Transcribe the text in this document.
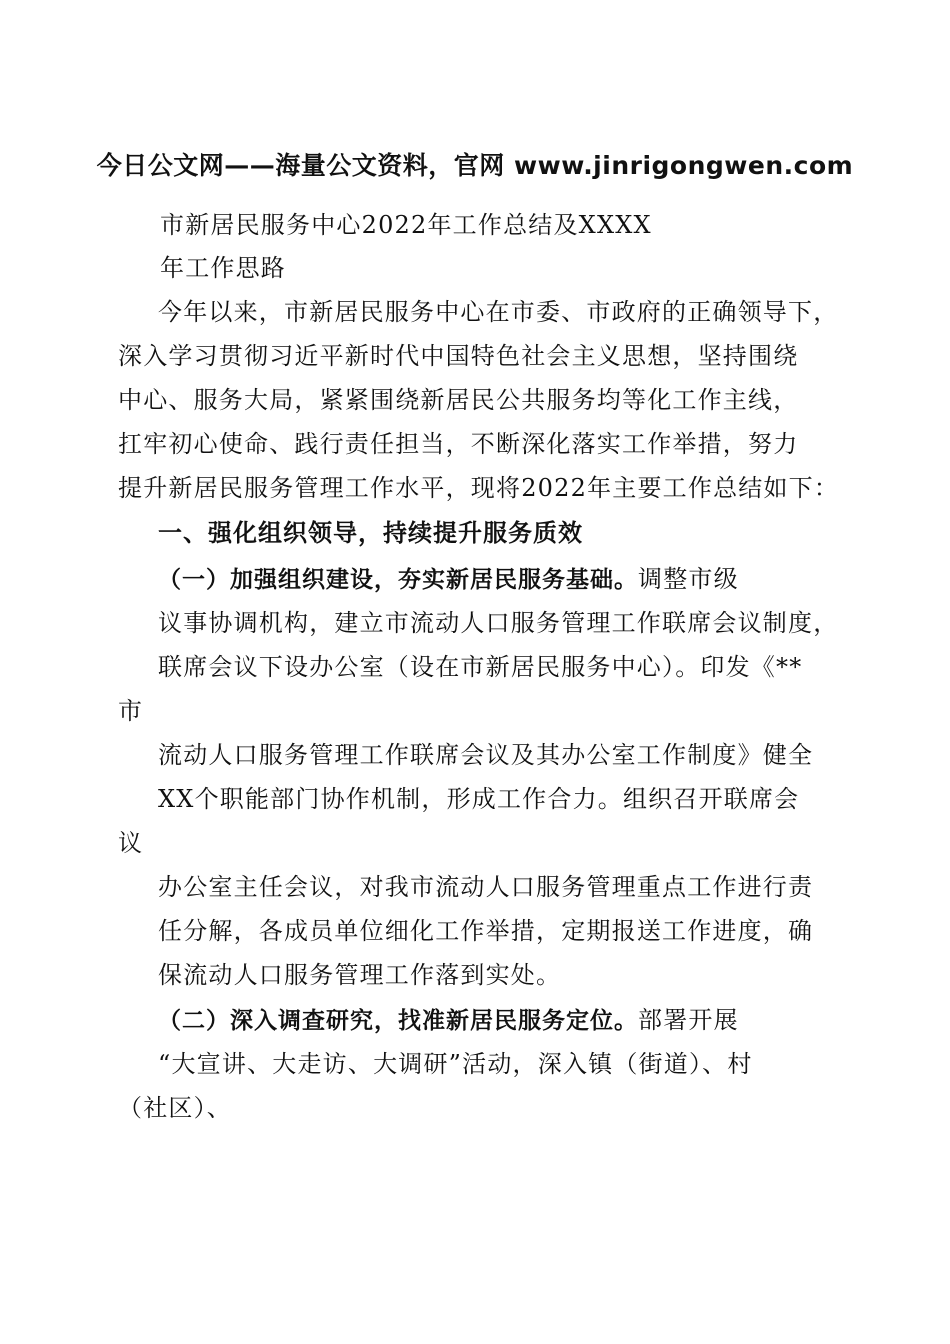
今日公文网——海量公文资料，官网 www.jinrigongwen.com
市新居民服务中心2022年工作总结及XXXX
年工作思路
今年以来，市新居民服务中心在市委、市政府的正确领导下，
深入学习贯彻习近平新时代中国特色社会主义思想，坚持围绕
中心、服务大局，紧紧围绕新居民公共服务均等化工作主线，
扛牢初心使命、践行责任担当，不断深化落实工作举措，努力
提升新居民服务管理工作水平，现将2022年主要工作总结如下：
一、强化组织领导，持续提升服务质效
（一）加强组织建设，夯实新居民服务基础。调整市级
议事协调机构，建立市流动人口服务管理工作联席会议制度，
联席会议下设办公室（设在市新居民服务中心）。印发《**
市
流动人口服务管理工作联席会议及其办公室工作制度》健全
XX个职能部门协作机制，形成工作合力。组织召开联席会
议
办公室主任会议，对我市流动人口服务管理重点工作进行责
任分解，各成员单位细化工作举措，定期报送工作进度，确
保流动人口服务管理工作落到实处。
（二）深入调查研究，找准新居民服务定位。部署开展
“大宣讲、大走访、大调研”活动，深入镇（街道）、村
（社区）、
